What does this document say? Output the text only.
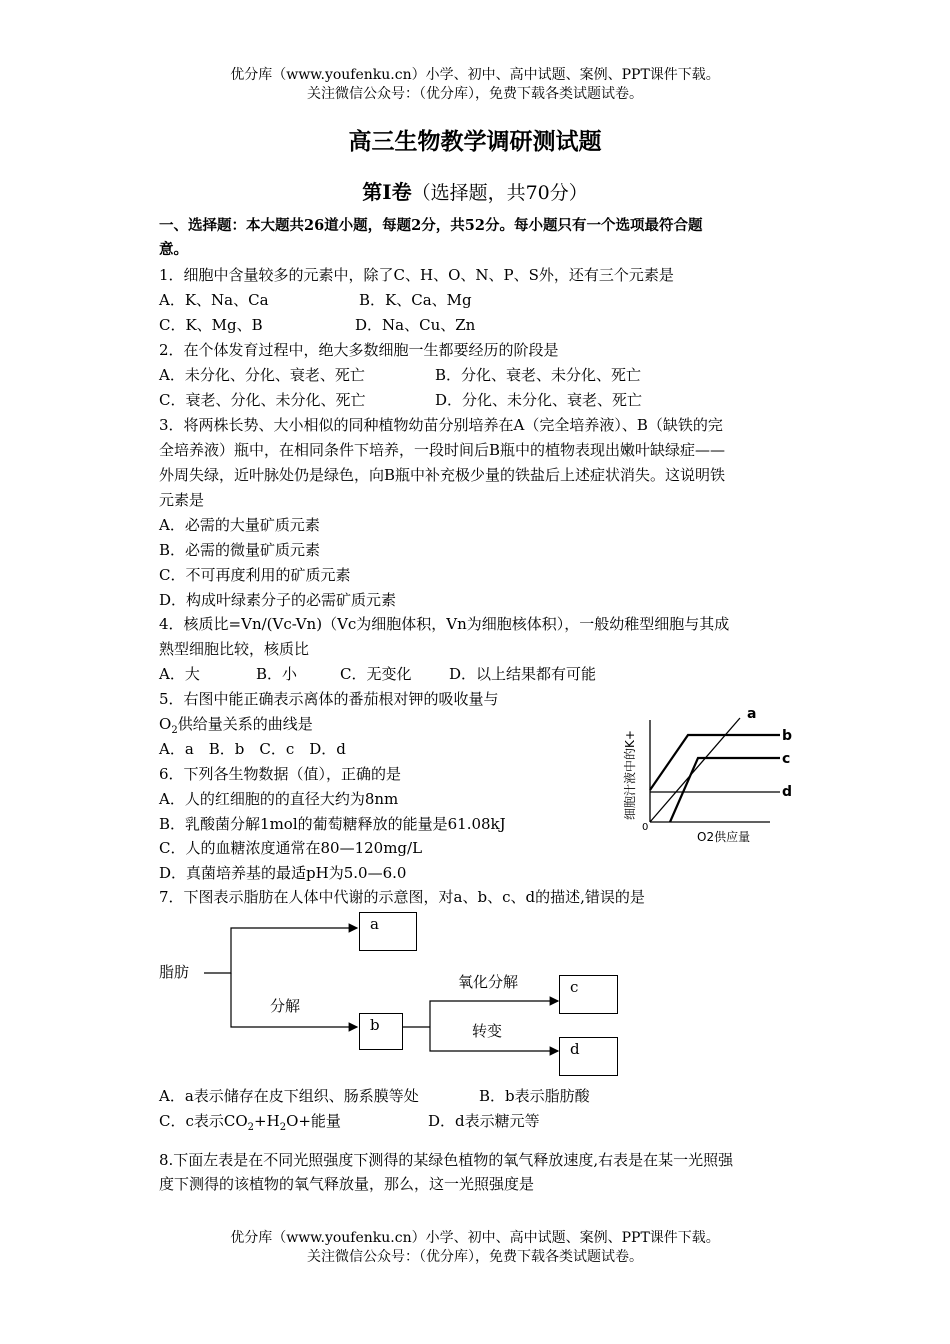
优分库（www.youfenku.cn）小学、初中、高中试题、案例、PPT课件下载。
关注微信公众号：（优分库），免费下载各类试题试卷。
高三生物教学调研测试题
第Ⅰ卷（选择题，共70分）
一、选择题：本大题共26道小题，每题2分，共52分。每小题只有一个选项最符合题
意。
1．细胞中含量较多的元素中，除了C、H、O、N、P、S外，还有三个元素是
A．K、Na、Ca	B．K、Ca、Mg
C．K、Mg、B	D．Na、Cu、Zn
2．在个体发育过程中，绝大多数细胞一生都要经历的阶段是
A．未分化、分化、衰老、死亡	B．分化、衰老、未分化、死亡
C．衰老、分化、未分化、死亡	D．分化、未分化、衰老、死亡
3．将两株长势、大小相似的同种植物幼苗分别培养在A（完全培养液）、B（缺铁的完
全培养液）瓶中，在相同条件下培养，一段时间后B瓶中的植物表现出嫩叶缺绿症——
外周失绿，近叶脉处仍是绿色，向B瓶中补充极少量的铁盐后上述症状消失。这说明铁
元素是
A．必需的大量矿质元素
B．必需的微量矿质元素
C．不可再度利用的矿质元素
D．构成叶绿素分子的必需矿质元素
4．核质比=Vn/(Vc-Vn)（Vc为细胞体积，Vn为细胞核体积），一般幼稚型细胞与其成
熟型细胞比较，核质比
A．大	B．小	C．无变化	D．以上结果都有可能
5．右图中能正确表示离体的番茄根对钾的吸收量与
$O_2$供给量关系的曲线是
A．a　B．b　C．c　D．d
0
细胞汁液中的K+
O2供应量
a
b
c
d
6．下列各生物数据（值），正确的是
A．人的红细胞的的直径大约为8nm
B．乳酸菌分解1mol的葡萄糖释放的能量是61.08kJ
C．人的血糖浓度通常在80—120mg/L
D．真菌培养基的最适pH为5.0—6.0
7．下图表示脂肪在人体中代谢的示意图，对a、b、c、d的描述,错误的是
脂肪
分解
氧化分解
转变
a
b
c
d
A．a表示储存在皮下组织、肠系膜等处	B．b表示脂肪酸
C．c表示$CO_2+H_2O+$能量	D．d表示糖元等
8.下面左表是在不同光照强度下测得的某绿色植物的氧气释放速度,右表是在某一光照强
度下测得的该植物的氧气释放量，那么，这一光照强度是
优分库（www.youfenku.cn）小学、初中、高中试题、案例、PPT课件下载。
关注微信公众号：（优分库），免费下载各类试题试卷。
